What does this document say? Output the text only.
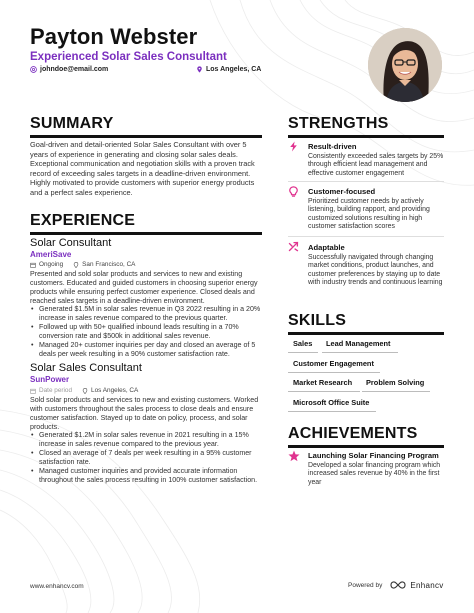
Payton Webster
Experienced Solar Sales Consultant
johndoe@email.com	Los Angeles, CA
SUMMARY
Goal-driven and detail-oriented Solar Sales Consultant with over 5 years of experience in generating and closing solar sales deals. Exceptional communication and negotiation skills with a proven track record of exceeding sales targets in a deadline-driven environment. Highly motivated to provide customers with superior energy products and a perfect sales experience.
EXPERIENCE
Solar Consultant
AmeriSave
Ongoing	San Francisco, CA
Presented and sold solar products and services to new and existing customers. Educated and guided customers in choosing superior energy products while ensuring perfect customer experience. Closed deals and reached sales targets in a deadline-driven environment.
• Generated $1.5M in solar sales revenue in Q3 2022 resulting in a 20% increase in sales revenue compared to the previous quarter.
• Followed up with 50+ qualified inbound leads resulting in a 70% conversion rate and $500k in additional sales revenue.
• Managed 20+ customer inquiries per day and closed an average of 5 deals per week resulting in a 90% customer satisfaction rate.
Solar Sales Consultant
SunPower
Date period	Los Angeles, CA
Sold solar products and services to new and existing customers. Worked with customers throughout the sales process to close deals and ensure customer satisfaction. Stayed up to date on policy, process, and solar products.
• Generated $1.2M in solar sales revenue in 2021 resulting in a 15% increase in sales revenue compared to the previous year.
• Closed an average of 7 deals per week resulting in a 95% customer satisfaction rate.
• Managed customer inquiries and provided accurate information throughout the sales process resulting in 100% customer satisfaction.
STRENGTHS
Result-driven
Consistently exceeded sales targets by 25% through efficient lead management and effective customer engagement
Customer-focused
Prioritized customer needs by actively listening, building rapport, and providing customized solutions resulting in high customer satisfaction scores
Adaptable
Successfully navigated through changing market conditions, product launches, and customer preferences by staying up to date with industry trends and continuous learning
SKILLS
Sales Lead Management
Customer Engagement
Market Research Problem Solving
Microsoft Office Suite
ACHIEVEMENTS
Launching Solar Financing Program
Developed a solar financing program which increased sales revenue by 40% in the first year
www.enhancv.com	Powered by	Enhancv
